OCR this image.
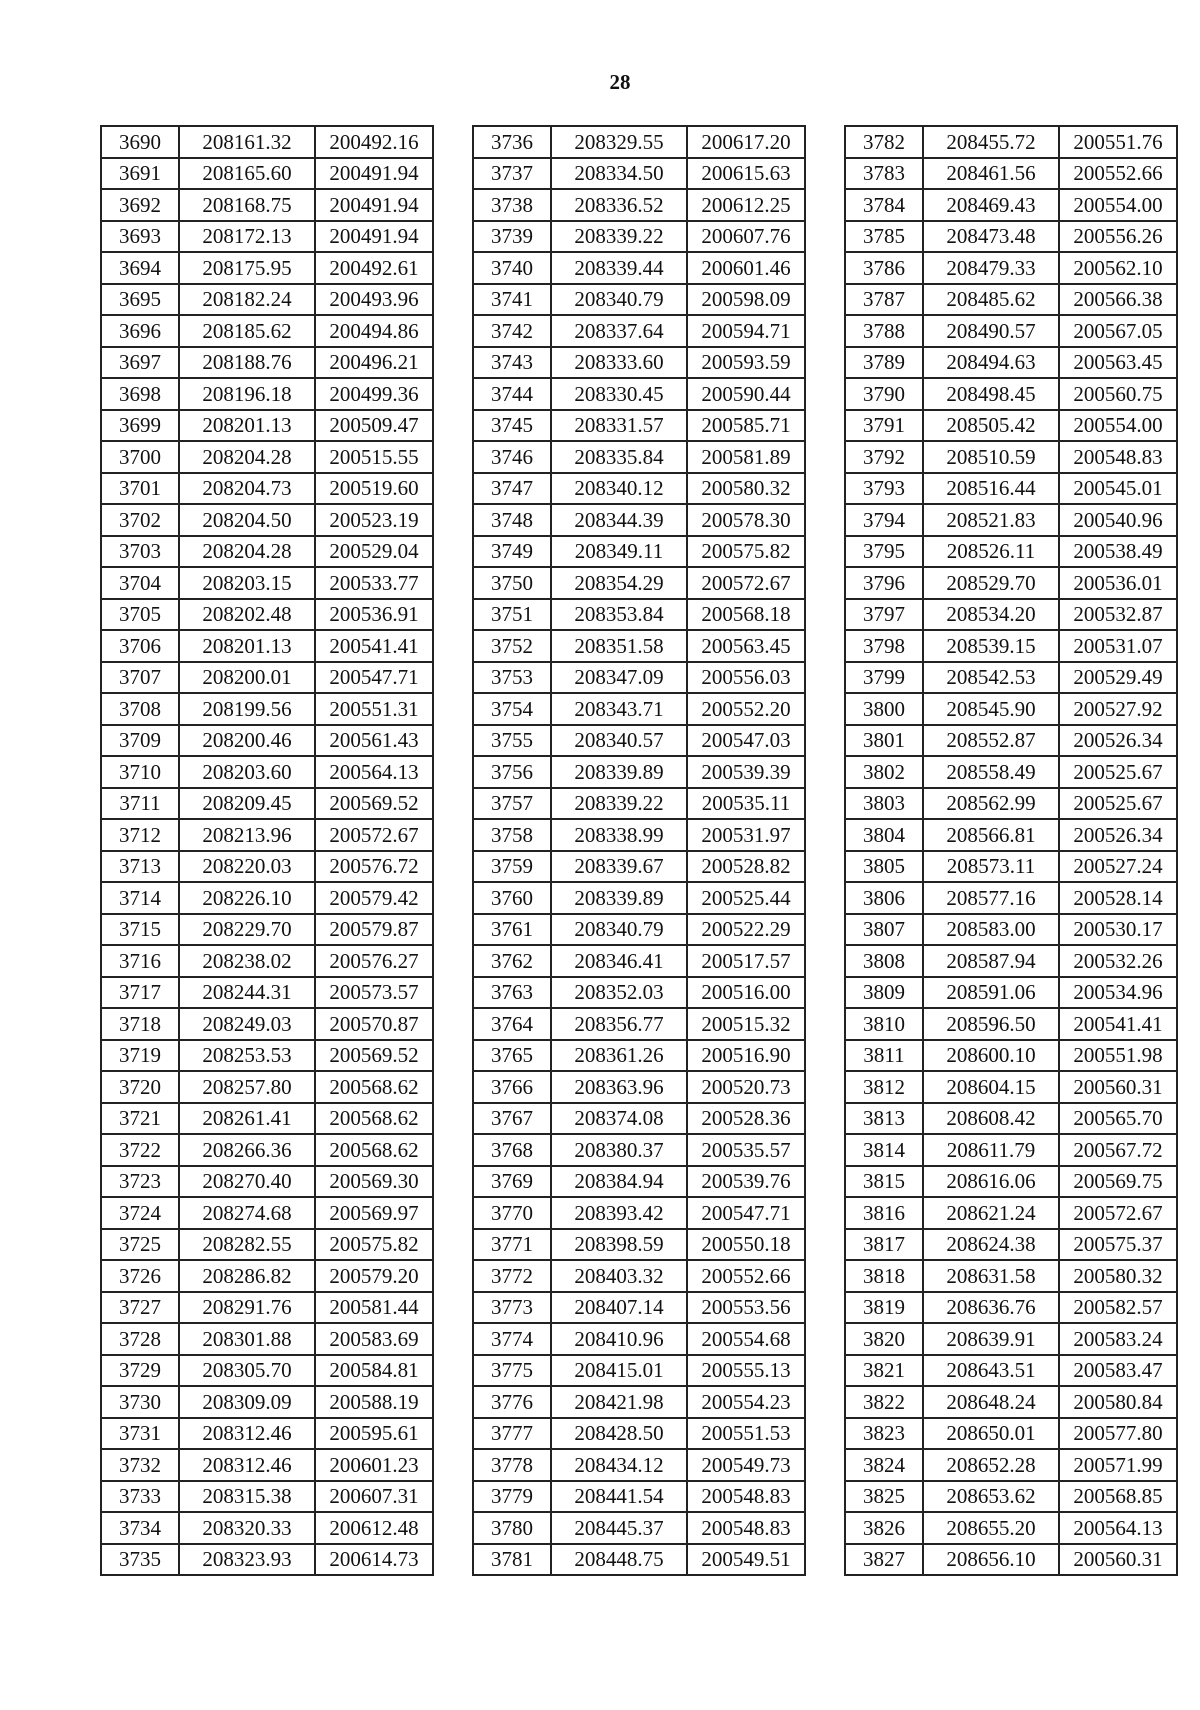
28
3690	208161.32	200492.16
3691	208165.60	200491.94
3692	208168.75	200491.94
3693	208172.13	200491.94
3694	208175.95	200492.61
3695	208182.24	200493.96
3696	208185.62	200494.86
3697	208188.76	200496.21
3698	208196.18	200499.36
3699	208201.13	200509.47
3700	208204.28	200515.55
3701	208204.73	200519.60
3702	208204.50	200523.19
3703	208204.28	200529.04
3704	208203.15	200533.77
3705	208202.48	200536.91
3706	208201.13	200541.41
3707	208200.01	200547.71
3708	208199.56	200551.31
3709	208200.46	200561.43
3710	208203.60	200564.13
3711	208209.45	200569.52
3712	208213.96	200572.67
3713	208220.03	200576.72
3714	208226.10	200579.42
3715	208229.70	200579.87
3716	208238.02	200576.27
3717	208244.31	200573.57
3718	208249.03	200570.87
3719	208253.53	200569.52
3720	208257.80	200568.62
3721	208261.41	200568.62
3722	208266.36	200568.62
3723	208270.40	200569.30
3724	208274.68	200569.97
3725	208282.55	200575.82
3726	208286.82	200579.20
3727	208291.76	200581.44
3728	208301.88	200583.69
3729	208305.70	200584.81
3730	208309.09	200588.19
3731	208312.46	200595.61
3732	208312.46	200601.23
3733	208315.38	200607.31
3734	208320.33	200612.48
3735	208323.93	200614.73
3736	208329.55	200617.20
3737	208334.50	200615.63
3738	208336.52	200612.25
3739	208339.22	200607.76
3740	208339.44	200601.46
3741	208340.79	200598.09
3742	208337.64	200594.71
3743	208333.60	200593.59
3744	208330.45	200590.44
3745	208331.57	200585.71
3746	208335.84	200581.89
3747	208340.12	200580.32
3748	208344.39	200578.30
3749	208349.11	200575.82
3750	208354.29	200572.67
3751	208353.84	200568.18
3752	208351.58	200563.45
3753	208347.09	200556.03
3754	208343.71	200552.20
3755	208340.57	200547.03
3756	208339.89	200539.39
3757	208339.22	200535.11
3758	208338.99	200531.97
3759	208339.67	200528.82
3760	208339.89	200525.44
3761	208340.79	200522.29
3762	208346.41	200517.57
3763	208352.03	200516.00
3764	208356.77	200515.32
3765	208361.26	200516.90
3766	208363.96	200520.73
3767	208374.08	200528.36
3768	208380.37	200535.57
3769	208384.94	200539.76
3770	208393.42	200547.71
3771	208398.59	200550.18
3772	208403.32	200552.66
3773	208407.14	200553.56
3774	208410.96	200554.68
3775	208415.01	200555.13
3776	208421.98	200554.23
3777	208428.50	200551.53
3778	208434.12	200549.73
3779	208441.54	200548.83
3780	208445.37	200548.83
3781	208448.75	200549.51
3782	208455.72	200551.76
3783	208461.56	200552.66
3784	208469.43	200554.00
3785	208473.48	200556.26
3786	208479.33	200562.10
3787	208485.62	200566.38
3788	208490.57	200567.05
3789	208494.63	200563.45
3790	208498.45	200560.75
3791	208505.42	200554.00
3792	208510.59	200548.83
3793	208516.44	200545.01
3794	208521.83	200540.96
3795	208526.11	200538.49
3796	208529.70	200536.01
3797	208534.20	200532.87
3798	208539.15	200531.07
3799	208542.53	200529.49
3800	208545.90	200527.92
3801	208552.87	200526.34
3802	208558.49	200525.67
3803	208562.99	200525.67
3804	208566.81	200526.34
3805	208573.11	200527.24
3806	208577.16	200528.14
3807	208583.00	200530.17
3808	208587.94	200532.26
3809	208591.06	200534.96
3810	208596.50	200541.41
3811	208600.10	200551.98
3812	208604.15	200560.31
3813	208608.42	200565.70
3814	208611.79	200567.72
3815	208616.06	200569.75
3816	208621.24	200572.67
3817	208624.38	200575.37
3818	208631.58	200580.32
3819	208636.76	200582.57
3820	208639.91	200583.24
3821	208643.51	200583.47
3822	208648.24	200580.84
3823	208650.01	200577.80
3824	208652.28	200571.99
3825	208653.62	200568.85
3826	208655.20	200564.13
3827	208656.10	200560.31
